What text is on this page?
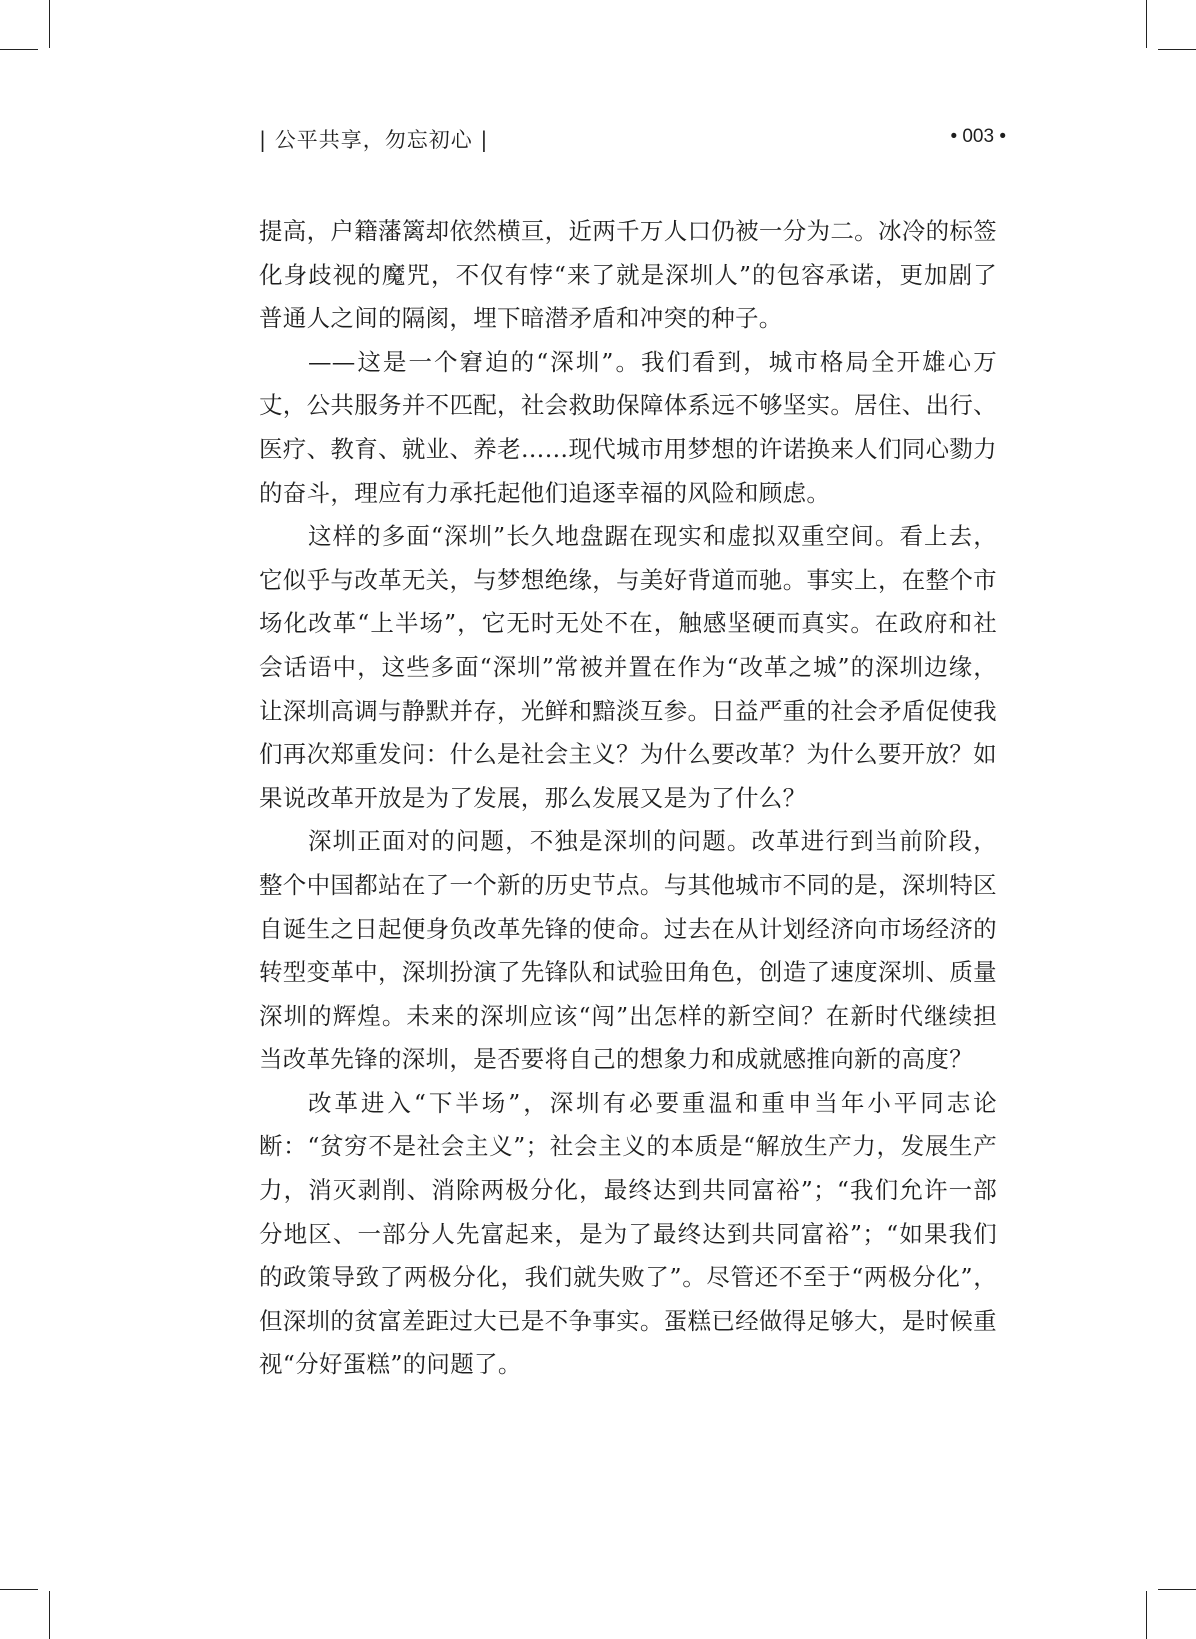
| 公平共享，勿忘初心 |	• 003 •

提高，户籍藩篱却依然横亘，近两千万人口仍被一分为二。冰冷的标签化身歧视的魔咒，不仅有悖“来了就是深圳人”的包容承诺，更加剧了普通人之间的隔阂，埋下暗潜矛盾和冲突的种子。

——这是一个窘迫的“深圳”。我们看到，城市格局全开雄心万丈，公共服务并不匹配，社会救助保障体系远不够坚实。居住、出行、医疗、教育、就业、养老……现代城市用梦想的许诺换来人们同心勠力的奋斗，理应有力承托起他们追逐幸福的风险和顾虑。

这样的多面“深圳”长久地盘踞在现实和虚拟双重空间。看上去，它似乎与改革无关，与梦想绝缘，与美好背道而驰。事实上，在整个市场化改革“上半场”，它无时无处不在，触感坚硬而真实。在政府和社会话语中，这些多面“深圳”常被并置在作为“改革之城”的深圳边缘，让深圳高调与静默并存，光鲜和黯淡互参。日益严重的社会矛盾促使我们再次郑重发问：什么是社会主义？为什么要改革？为什么要开放？如果说改革开放是为了发展，那么发展又是为了什么？

深圳正面对的问题，不独是深圳的问题。改革进行到当前阶段，整个中国都站在了一个新的历史节点。与其他城市不同的是，深圳特区自诞生之日起便身负改革先锋的使命。过去在从计划经济向市场经济的转型变革中，深圳扮演了先锋队和试验田角色，创造了速度深圳、质量深圳的辉煌。未来的深圳应该“闯”出怎样的新空间？在新时代继续担当改革先锋的深圳，是否要将自己的想象力和成就感推向新的高度？

改革进入“下半场”，深圳有必要重温和重申当年小平同志论断：“贫穷不是社会主义”；社会主义的本质是“解放生产力，发展生产力，消灭剥削、消除两极分化，最终达到共同富裕”；“我们允许一部分地区、一部分人先富起来，是为了最终达到共同富裕”；“如果我们的政策导致了两极分化，我们就失败了”。尽管还不至于“两极分化”，但深圳的贫富差距过大已是不争事实。蛋糕已经做得足够大，是时候重视“分好蛋糕”的问题了。
